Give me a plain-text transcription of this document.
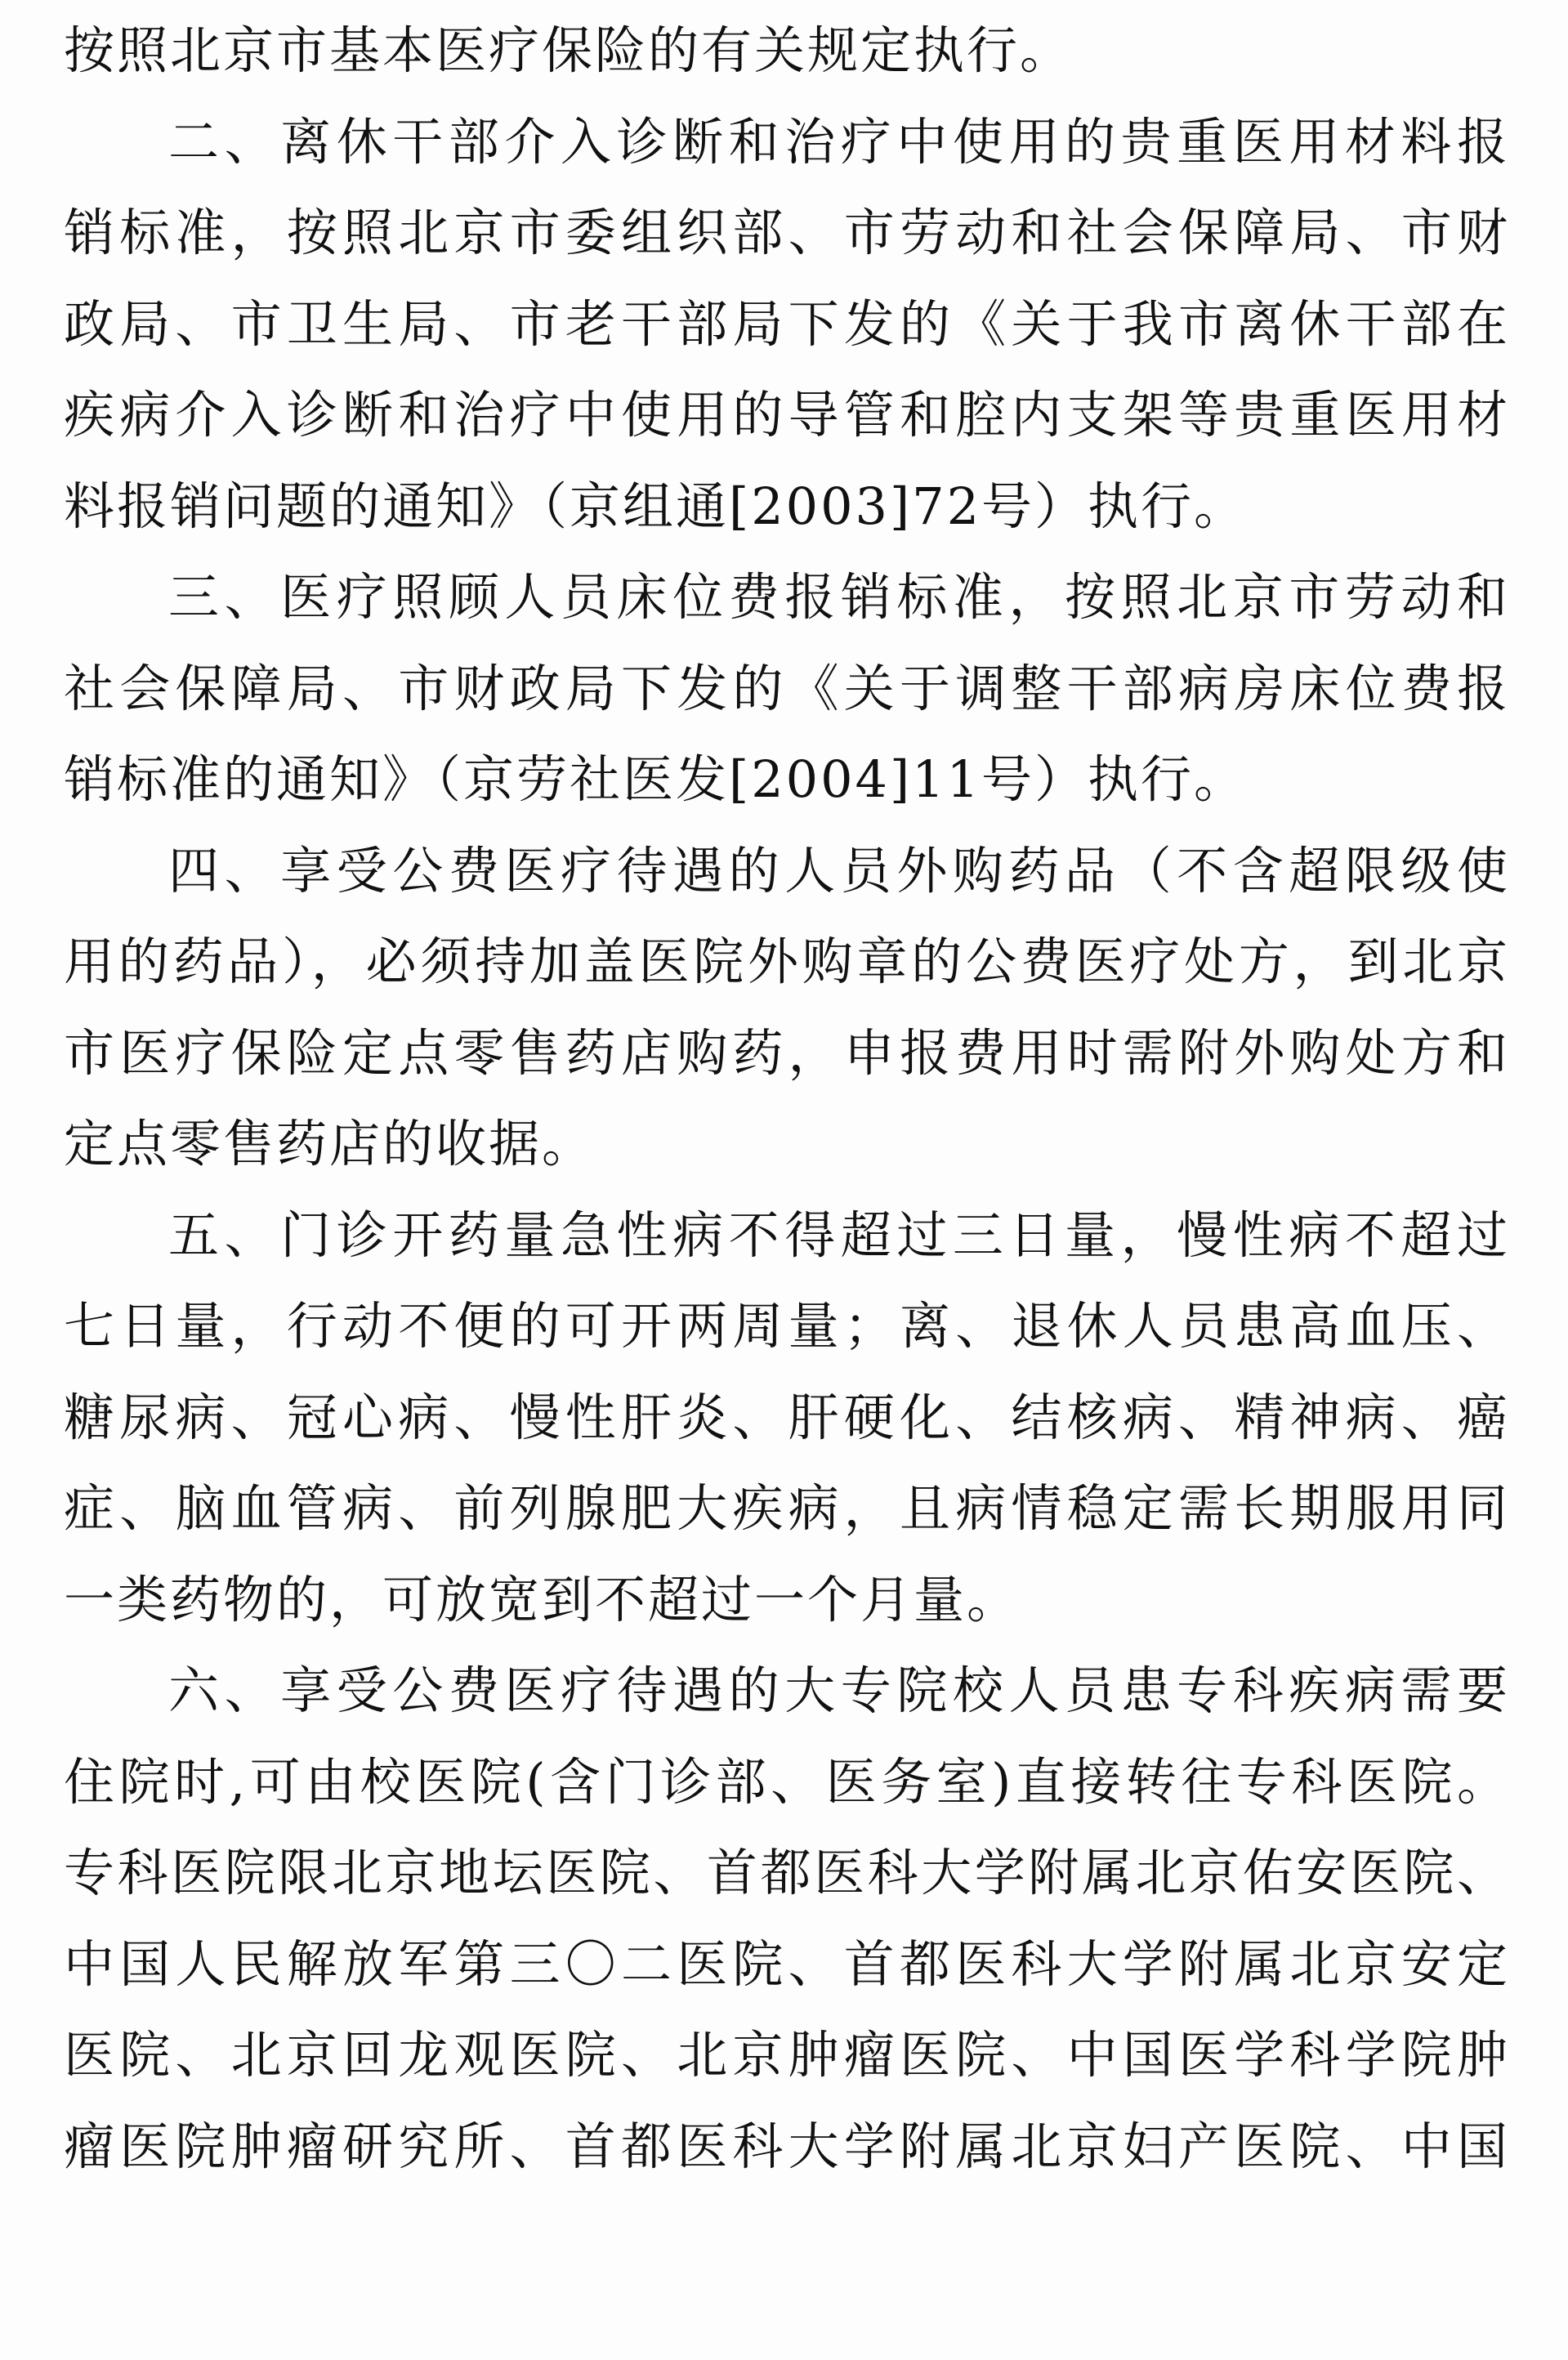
按照北京市基本医疗保险的有关规定执行。
二、离休干部介入诊断和治疗中使用的贵重医用材料报
销标准，按照北京市委组织部、市劳动和社会保障局、市财
政局、市卫生局、市老干部局下发的《关于我市离休干部在
疾病介入诊断和治疗中使用的导管和腔内支架等贵重医用材
料报销问题的通知》（京组通[2003]72号）执行。
三、医疗照顾人员床位费报销标准，按照北京市劳动和
社会保障局、市财政局下发的《关于调整干部病房床位费报
销标准的通知》（京劳社医发[2004]11号）执行。
四、享受公费医疗待遇的人员外购药品（不含超限级使
用的药品），必须持加盖医院外购章的公费医疗处方，到北京
市医疗保险定点零售药店购药，申报费用时需附外购处方和
定点零售药店的收据。
五、门诊开药量急性病不得超过三日量，慢性病不超过
七日量，行动不便的可开两周量；离、退休人员患高血压、
糖尿病、冠心病、慢性肝炎、肝硬化、结核病、精神病、癌
症、脑血管病、前列腺肥大疾病，且病情稳定需长期服用同
一类药物的，可放宽到不超过一个月量。
六、享受公费医疗待遇的大专院校人员患专科疾病需要
住院时,可由校医院(含门诊部、医务室)直接转往专科医院。
专科医院限北京地坛医院、首都医科大学附属北京佑安医院、
中国人民解放军第三〇二医院、首都医科大学附属北京安定
医院、北京回龙观医院、北京肿瘤医院、中国医学科学院肿
瘤医院肿瘤研究所、首都医科大学附属北京妇产医院、中国
